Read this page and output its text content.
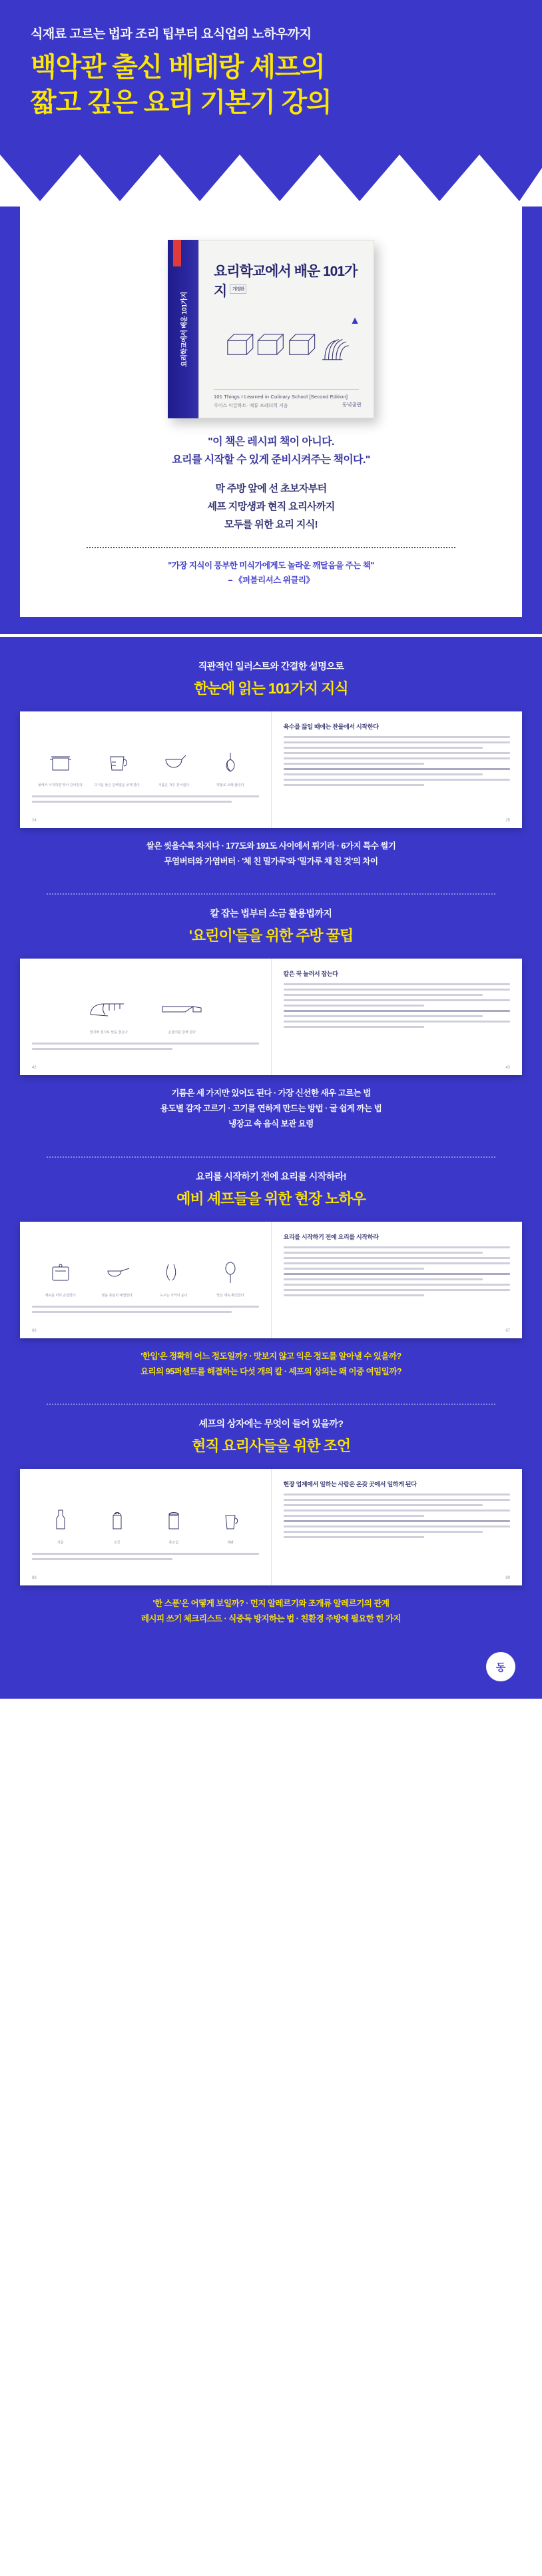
식재료 고르는 법과 조리 팁부터 요식업의 노하우까지
백악관 출신 베테랑 셰프의
짧고 깊은 요리 기본기 강의
요리학교에서 배운 101가지
요리학교에서 배운 101가지 개정판
▲
101 Things I Learned in Culinary School [Second Edition]
루이스 이글하트· 매튜 프레더릭 지음	동녘출판
"이 책은 레시피 책이 아니다.
요리를 시작할 수 있게 준비시켜주는 책이다."
막 주방 앞에 선 초보자부터
셰프 지망생과 현직 요리사까지
모두를 위한 요리 지식!
"가장 지식이 풍부한 미식가에게도 놀라운 깨달음을 주는 책"
– 《퍼블리셔스 위클리》
직관적인 일러스트와 간결한 설명으로
한눈에 읽는 101가지 지식
물에서 시작하면 맛이 깊어진다	뜨거운 물은 단백질을 굳게 한다	거품은 자주 걷어낸다	약불로 오래 끓인다
24
육수를 끓일 때에는 찬물에서 시작한다
25
쌀은 씻을수록 차지다 · 177도와 191도 사이에서 튀기라 · 6가지 특수 썰기
무염버터와 가염버터 · '체 친 밀가루'와 '밀가루 채 친 것'의 차이
칼 잡는 법부터 소금 활용법까지
'요린이'들을 위한 주방 꿀팁
엄지와 검지로 날을 잡는다	손잡이를 감싸 쥔다
42
칼은 꾹 눌러서 잡는다
43
기름은 세 가지만 있어도 된다 · 가장 신선한 새우 고르는 법
용도별 감자 고르기 · 고기를 연하게 만드는 방법 · 굴 쉽게 까는 법
냉장고 속 음식 보관 요령
요리를 시작하기 전에 요리를 시작하라!
예비 셰프들을 위한 현장 노하우
재료를 미리 손질한다	팬을 충분히 예열한다	도구는 가까이 둔다	맛은 계속 확인한다
66
요리를 시작하기 전에 요리를 시작하라
67
'한입'은 정확히 어느 정도일까? · 맛보지 않고 익은 정도를 알아낼 수 있을까?
요리의 95퍼센트를 해결하는 다섯 개의 칼 · 셰프의 상의는 왜 이중 여밈일까?
셰프의 상자에는 무엇이 들어 있을까?
현직 요리사들을 위한 조언
기름	소금	통조림	계량
88
현장 업계에서 일하는 사람은 온갖 곳에서 일하게 된다
89
'한 스푼'은 어떻게 보일까? · 먼지 알레르기와 조개류 알레르기의 관계
레시피 쓰기 체크리스트 · 식중독 방지하는 법 · 친환경 주방에 필요한 힌 가지
동
